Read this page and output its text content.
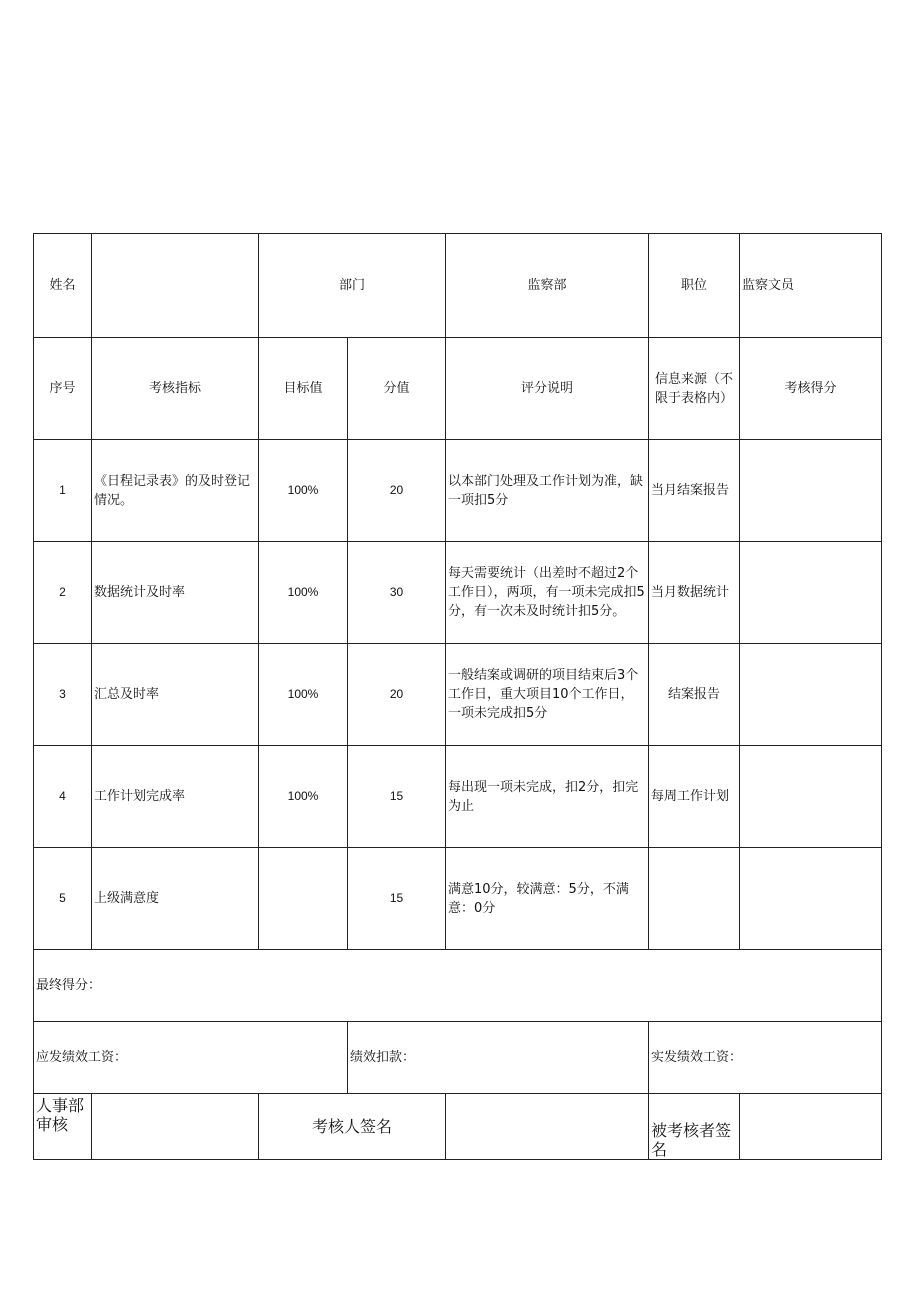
姓名		部门		监察部	职位	监察文员
序号	考核指标	目标值	分值	评分说明	信息来源（不限于表格内）	考核得分
1	《日程记录表》的及时登记情况。	100%	20	以本部门处理及工作计划为准，缺一项扣5分	当月结案报告	
2	数据统计及时率	100%	30	每天需要统计（出差时不超过2个工作日），两项，有一项未完成扣5分，有一次未及时统计扣5分。	当月数据统计	
3	汇总及时率	100%	20	一般结案或调研的项目结束后3个工作日，重大项目10个工作日，一项未完成扣5分	结案报告	
4	工作计划完成率	100%	15	每出现一项未完成，扣2分，扣完为止	每周工作计划	
5	上级满意度		15	满意10分，较满意：5分，不满意：0分		
最终得分：						
应发绩效工资：			绩效扣款：		实发绩效工资：	
人事部审核		考核人签名			被考核者签名	
